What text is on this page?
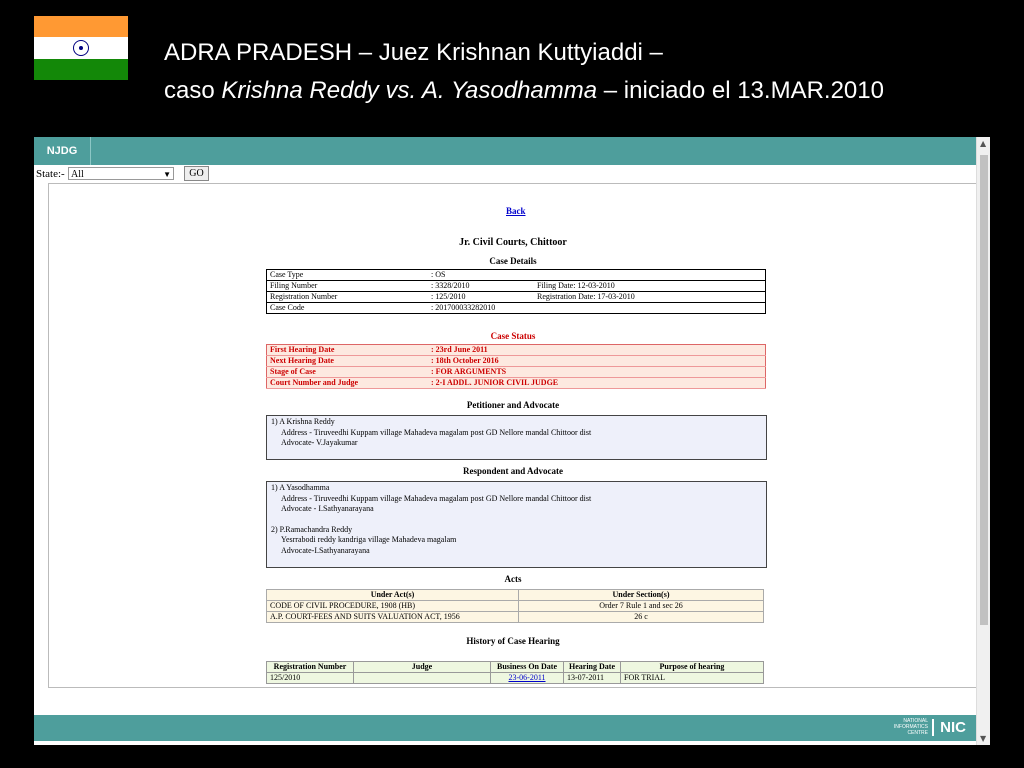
ADRA PRADESH – Juez Krishnan Kuttyiaddi –
caso Krishna Reddy vs. A. Yasodhamma – iniciado el 13.MAR.2010
NJDG
State:- All	▼	GO
Back
Jr. Civil Courts, Chittoor
Case Details
Case Type	: OS	
Filing Number	: 3328/2010	Filing Date: 12-03-2010
Registration Number	: 125/2010	Registration Date: 17-03-2010
Case Code	: 201700033282010	
Case Status
First Hearing Date	: 23rd June 2011
Next Hearing Date	: 18th October 2016
Stage of Case	: FOR ARGUMENTS
Court Number and Judge	: 2-I ADDL. JUNIOR CIVIL JUDGE
Petitioner and Advocate
1) A Krishna Reddy
Address - Tiruveedhi Kuppam village Mahadeva magalam post GD Nellore mandal Chittoor dist
Advocate- V.Jayakumar
Respondent and Advocate
1) A Yasodhamma
Address - Tiruveedhi Kuppam village Mahadeva magalam post GD Nellore mandal Chittoor dist
Advocate - I.Sathyanarayana
2) P.Ramachandra Reddy
Yesrrabodi reddy kandriga village Mahadeva magalam
Advocate-I.Sathyanarayana
Acts
Under Act(s)	Under Section(s)
CODE OF CIVIL PROCEDURE, 1908 (HB)	Order 7 Rule 1 and sec 26
A.P. COURT-FEES AND SUITS VALUATION ACT, 1956	26 c
History of Case Hearing
Registration Number	Judge	Business On Date	Hearing Date	Purpose of hearing
125/2010		23-06-2011	13-07-2011	FOR TRIAL
NATIONAL
INFORMATICS
CENTRE NIC
▲
▼
